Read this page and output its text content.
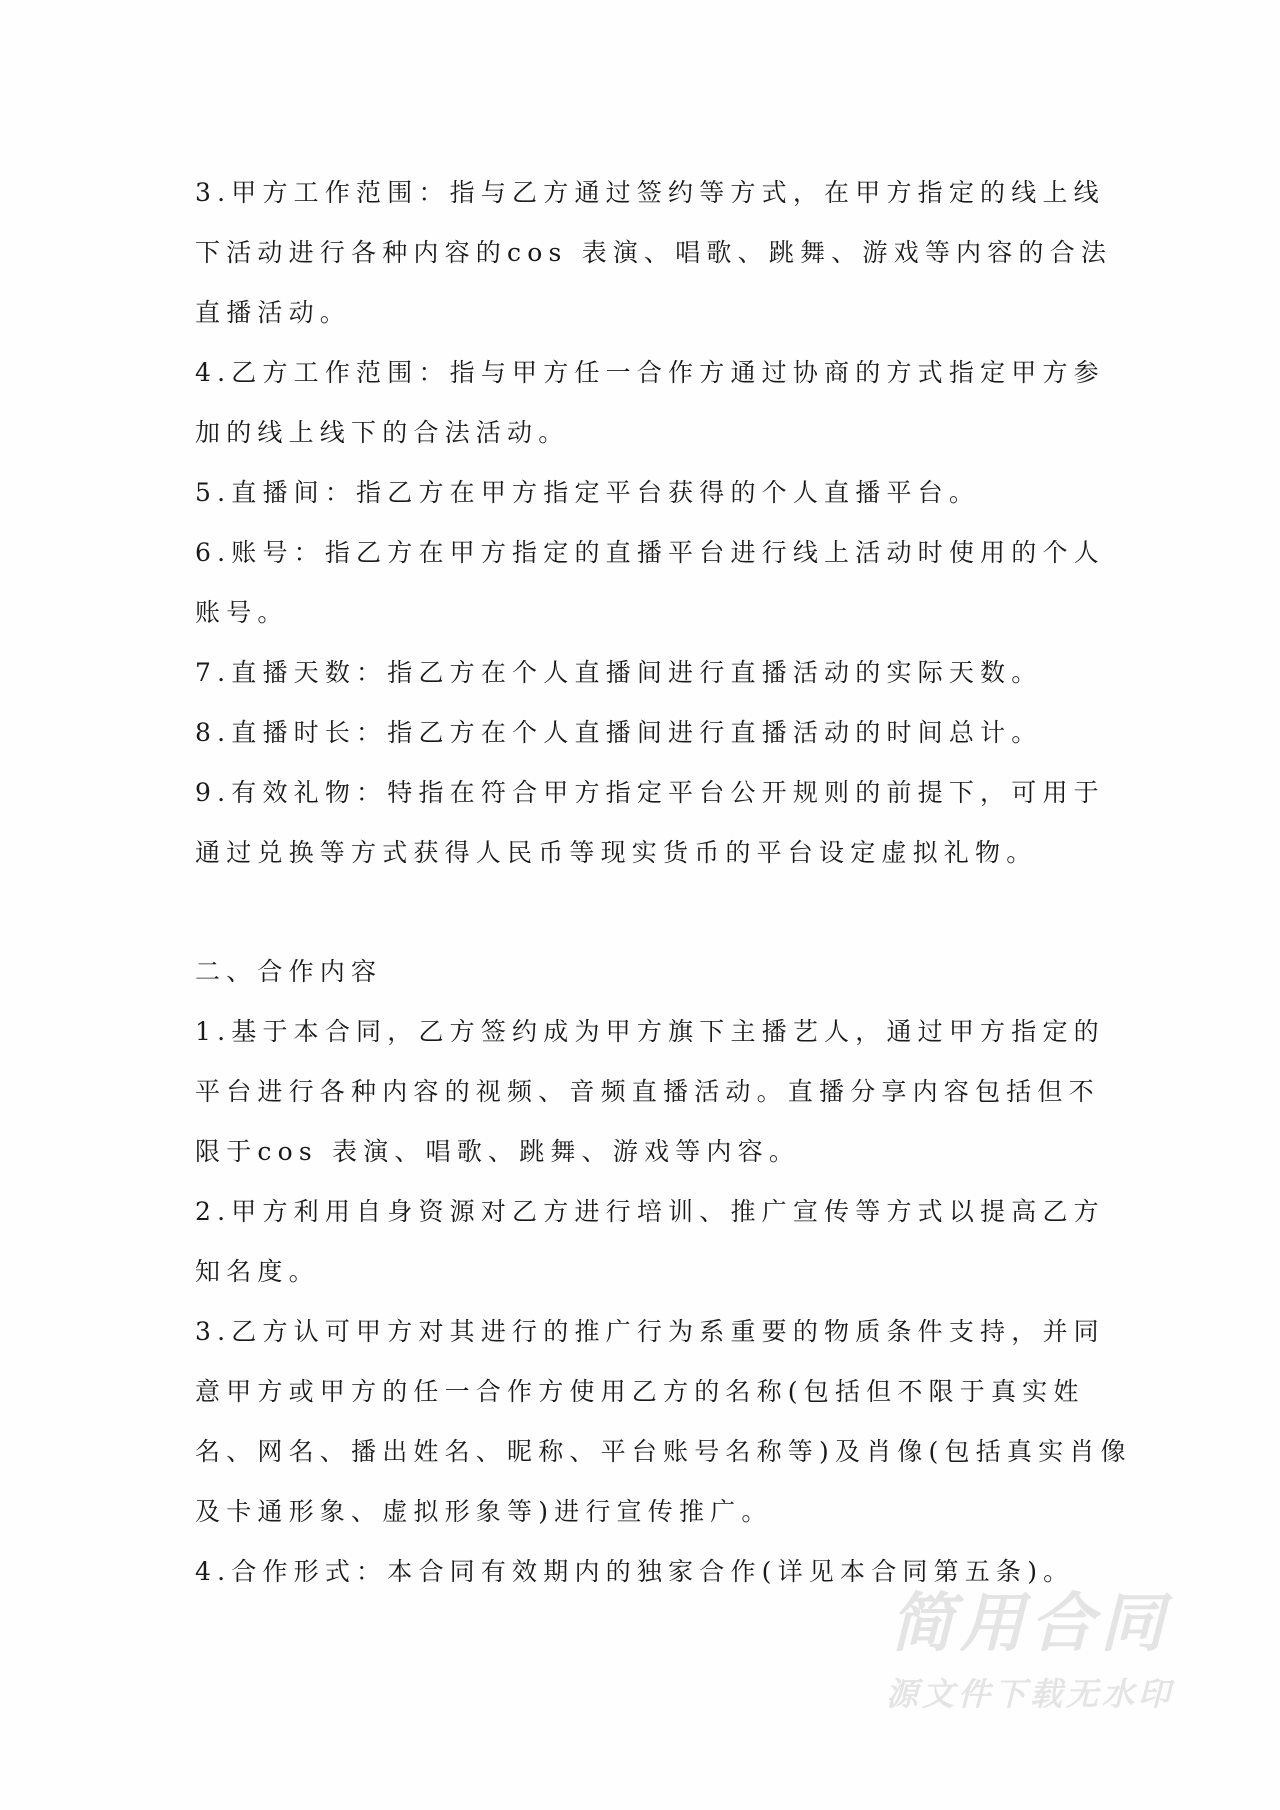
3.甲方工作范围：指与乙方通过签约等方式，在甲方指定的线上线
下活动进行各种内容的cos 表演、唱歌、跳舞、游戏等内容的合法
直播活动。
4.乙方工作范围：指与甲方任一合作方通过协商的方式指定甲方参
加的线上线下的合法活动。
5.直播间：指乙方在甲方指定平台获得的个人直播平台。
6.账号：指乙方在甲方指定的直播平台进行线上活动时使用的个人
账号。
7.直播天数：指乙方在个人直播间进行直播活动的实际天数。
8.直播时长：指乙方在个人直播间进行直播活动的时间总计。
9.有效礼物：特指在符合甲方指定平台公开规则的前提下，可用于
通过兑换等方式获得人民币等现实货币的平台设定虚拟礼物。
二、合作内容
1.基于本合同，乙方签约成为甲方旗下主播艺人，通过甲方指定的
平台进行各种内容的视频、音频直播活动。直播分享内容包括但不
限于cos 表演、唱歌、跳舞、游戏等内容。
2.甲方利用自身资源对乙方进行培训、推广宣传等方式以提高乙方
知名度。
3.乙方认可甲方对其进行的推广行为系重要的物质条件支持，并同
意甲方或甲方的任一合作方使用乙方的名称(包括但不限于真实姓
名、网名、播出姓名、昵称、平台账号名称等)及肖像(包括真实肖像
及卡通形象、虚拟形象等)进行宣传推广。
4.合作形式：本合同有效期内的独家合作(详见本合同第五条)。
简用合同
源文件下载无水印
